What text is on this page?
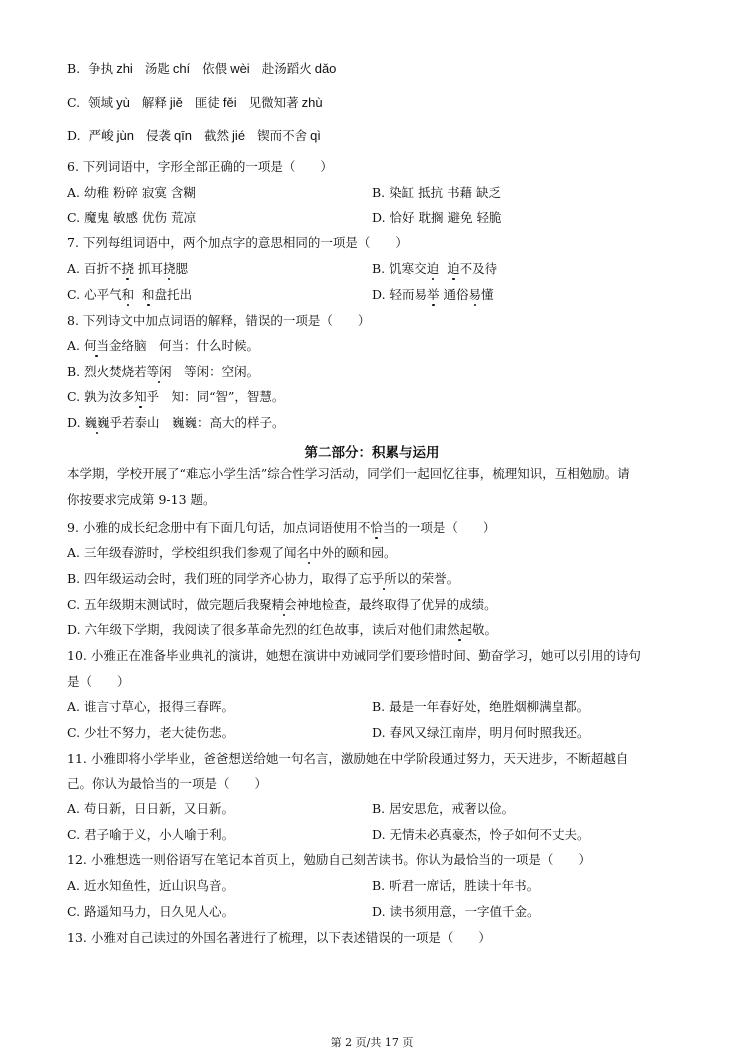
B. 争执 zhi 汤匙 chí 依偎 wèi 赴汤蹈火 dǎo
C. 领域 yù 解释 jiě 匪徒 fěi 见微知著 zhù
D. 严峻 jùn 侵袭 qīn 截然 jié 锲而不舍 qì
6. 下列词语中，字形全部正确的一项是（　　）
A. 幼稚 粉碎 寂寞 含糊	B. 染缸 抵抗 书藉 缺乏
C. 魔鬼 敏感 优伤 荒凉	D. 恰好 耽搁 避免 轻脆
7. 下列每组词语中，两个加点字的意思相同的一项是（　　）
A. 百折不挠 抓耳挠腮	B. 饥寒交迫 迫不及待
C. 心平气和 和盘托出	D. 轻而易举 通俗易懂
8. 下列诗文中加点词语的解释，错误的一项是（　　）
A. 何当金络脑　何当：什么时候。
B. 烈火焚烧若等闲　等闲：空闲。
C. 孰为汝多知乎　知：同“智”，智慧。
D. 巍巍乎若泰山　巍巍：高大的样子。
第二部分：积累与运用
本学期，学校开展了“难忘小学生活”综合性学习活动，同学们一起回忆往事，梳理知识，互相勉励。请
你按要求完成第 9-13 题。
9. 小雅的成长纪念册中有下面几句话，加点词语使用不恰当的一项是（　　）
A. 三年级春游时，学校组织我们参观了闻名中外的颐和园。
B. 四年级运动会时，我们班的同学齐心协力，取得了忘乎所以的荣誉。
C. 五年级期末测试时，做完题后我聚精会神地检查，最终取得了优异的成绩。
D. 六年级下学期，我阅读了很多革命先烈的红色故事，读后对他们肃然起敬。
10. 小雅正在准备毕业典礼的演讲，她想在演讲中劝诫同学们要珍惜时间、勤奋学习，她可以引用的诗句
是（　　）
A. 谁言寸草心，报得三春晖。	B. 最是一年春好处，绝胜烟柳满皇都。
C. 少壮不努力，老大徒伤悲。	D. 春风又绿江南岸，明月何时照我还。
11. 小雅即将小学毕业，爸爸想送给她一句名言，激励她在中学阶段通过努力，天天进步，不断超越自
己。你认为最恰当的一项是（　　）
A. 苟日新，日日新，又日新。	B. 居安思危，戒奢以俭。
C. 君子喻于义，小人喻于利。	D. 无情未必真豪杰，怜子如何不丈夫。
12. 小雅想选一则俗语写在笔记本首页上，勉励自己刻苦读书。你认为最恰当的一项是（　　）
A. 近水知鱼性，近山识鸟音。	B. 听君一席话，胜读十年书。
C. 路遥知马力，日久见人心。	D. 读书须用意，一字值千金。
13. 小雅对自己读过的外国名著进行了梳理，以下表述错误的一项是（　　）
第 2 页/共 17 页
